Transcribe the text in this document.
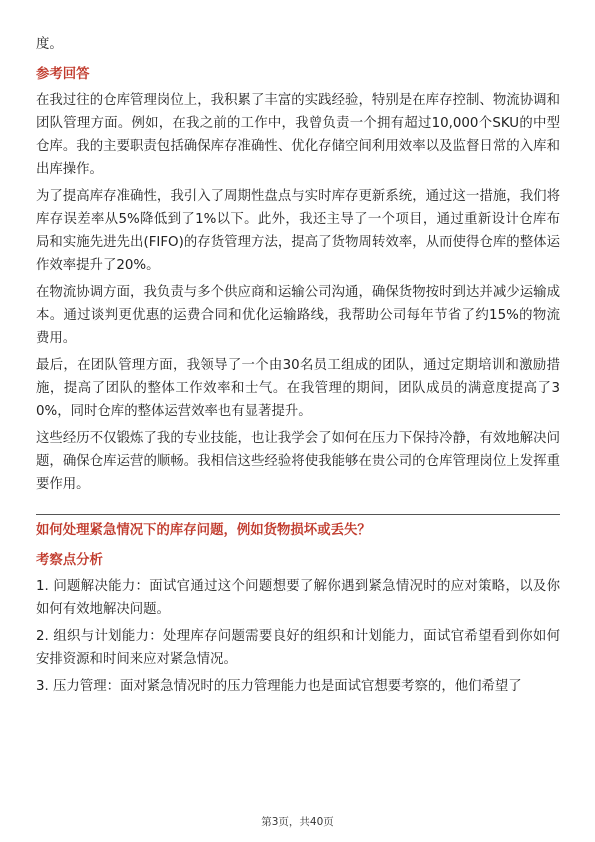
度。

参考回答

在我过往的仓库管理岗位上，我积累了丰富的实践经验，特别是在库存控制、物流协调和团队管理方面。例如，在我之前的工作中，我曾负责一个拥有超过10,000个SKU的中型仓库。我的主要职责包括确保库存准确性、优化存储空间利用效率以及监督日常的入库和出库操作。

为了提高库存准确性，我引入了周期性盘点与实时库存更新系统，通过这一措施，我们将库存误差率从5%降低到了1%以下。此外，我还主导了一个项目，通过重新设计仓库布局和实施先进先出(FIFO)的存货管理方法，提高了货物周转效率，从而使得仓库的整体运作效率提升了20%。

在物流协调方面，我负责与多个供应商和运输公司沟通，确保货物按时到达并减少运输成本。通过谈判更优惠的运费合同和优化运输路线，我帮助公司每年节省了约15%的物流费用。

最后，在团队管理方面，我领导了一个由30名员工组成的团队，通过定期培训和激励措施，提高了团队的整体工作效率和士气。在我管理的期间，团队成员的满意度提高了30%，同时仓库的整体运营效率也有显著提升。

这些经历不仅锻炼了我的专业技能，也让我学会了如何在压力下保持冷静，有效地解决问题，确保仓库运营的顺畅。我相信这些经验将使我能够在贵公司的仓库管理岗位上发挥重要作用。

如何处理紧急情况下的库存问题，例如货物损坏或丢失？
考察点分析

1. 问题解决能力：面试官通过这个问题想要了解你遇到紧急情况时的应对策略，以及你如何有效地解决问题。

2. 组织与计划能力：处理库存问题需要良好的组织和计划能力，面试官希望看到你如何安排资源和时间来应对紧急情况。

3. 压力管理：面对紧急情况时的压力管理能力也是面试官想要考察的，他们希望了

第3页，共40页
